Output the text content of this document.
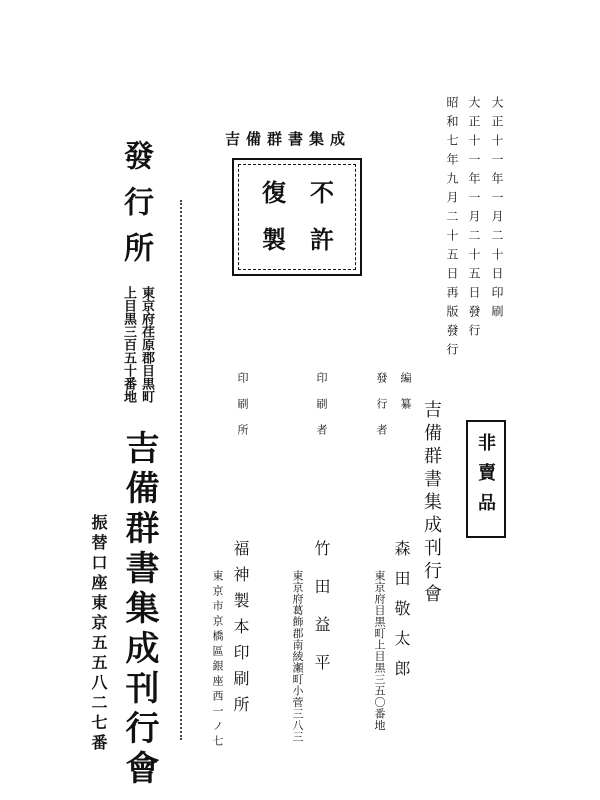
大正十一年一月二十日印刷
大正十一年一月二十五日發行
昭和七年九月二十五日再版發行
吉備群書集成刊行會 非賣品
吉備群書集成
不
許
復
製
編纂
發行者
印刷者
印刷所
森田敬太郎
東京府目黒町上目黒三五〇番地
竹田益平
東京府葛飾郡南綾瀬町小菅三八三
福神製本印刷所
東京市京橋區銀座西一ノ七
發行所
東京府荏原郡目黒町
上目黒三百五十番地
吉備群書集成刊行會
振替口座東京五五八二七番
